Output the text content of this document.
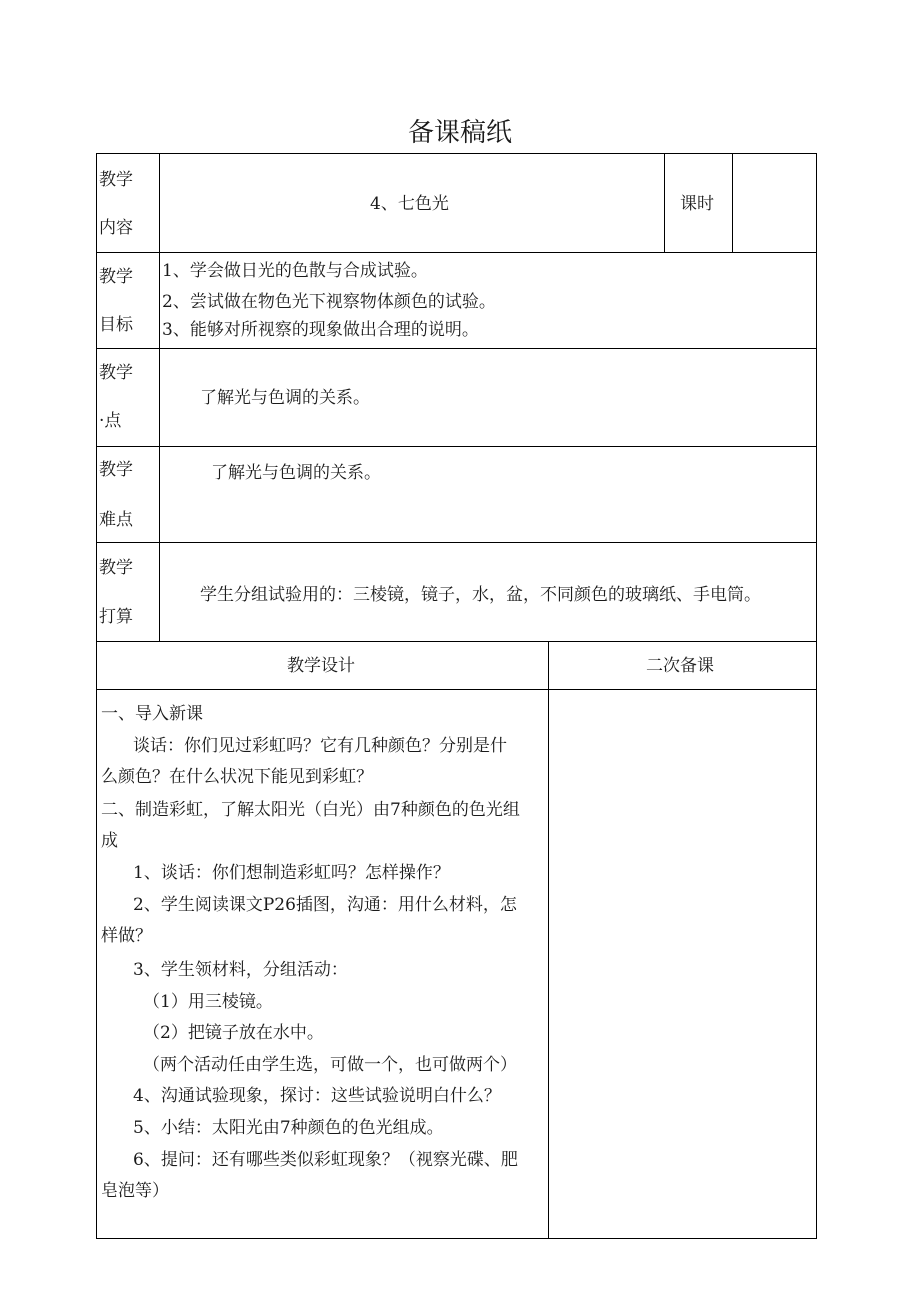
备课稿纸
教学
内容
4、七色光	课时
教学
目标
1、学会做日光的色散与合成试验。
2、尝试做在物色光下视察物体颜色的试验。
3、能够对所视察的现象做出合理的说明。
教学
·点
了解光与色调的关系。
教学
难点
了解光与色调的关系。
教学
打算
学生分组试验用的：三棱镜，镜子，水，盆，不同颜色的玻璃纸、手电筒。
教学设计	二次备课
一、导入新课
谈话：你们见过彩虹吗？它有几种颜色？分别是什
么颜色？在什么状况下能见到彩虹？
二、制造彩虹，了解太阳光（白光）由7种颜色的色光组
成
1、谈话：你们想制造彩虹吗？怎样操作？
2、学生阅读课文P26插图，沟通：用什么材料，怎
样做？
3、学生领材料，分组活动：
（1）用三棱镜。
（2）把镜子放在水中。
（两个活动任由学生选，可做一个，也可做两个）
4、沟通试验现象，探讨：这些试验说明白什么？
5、小结：太阳光由7种颜色的色光组成。
6、提问：还有哪些类似彩虹现象？（视察光碟、肥
皂泡等）
